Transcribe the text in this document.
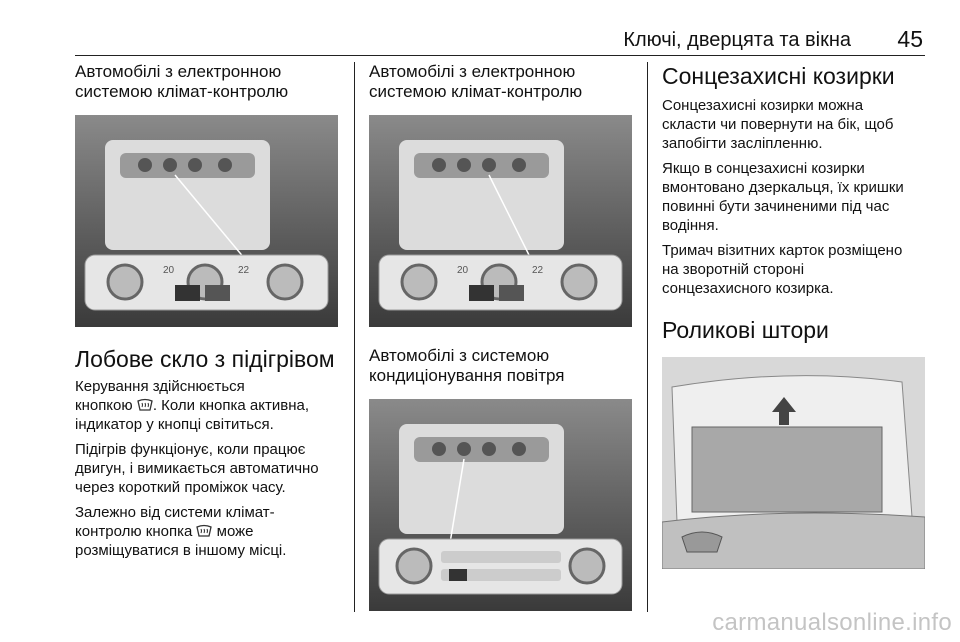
Ключі, дверцята та вікна 45
Автомобілі з електронною
системою клімат-контролю
20	22
Лобове скло з підігрівом

Керування здійснюється
кнопкою . Коли кнопка активна,
індикатор у кнопці світиться.

Підігрів функціонує, коли працює
двигун, і вимикається автоматично
через короткий проміжок часу.

Залежно від системи клімат-
контролю кнопка може
розміщуватися в іншому місці.

Автомобілі з електронною
системою клімат-контролю
20	22
Автомобілі з системою
кондиціонування повітря
Сонцезахисні козирки

Сонцезахисні козирки можна
скласти чи повернути на бік, щоб
запобігти засліпленню.

Якщо в сонцезахисні козирки
вмонтовано дзеркальця, їх кришки
повинні бути зачиненими під час
водіння.

Тримач візитних карток розміщено
на зворотній стороні
сонцезахисного козирка.

Роликові штори
carmanualsonline.info
